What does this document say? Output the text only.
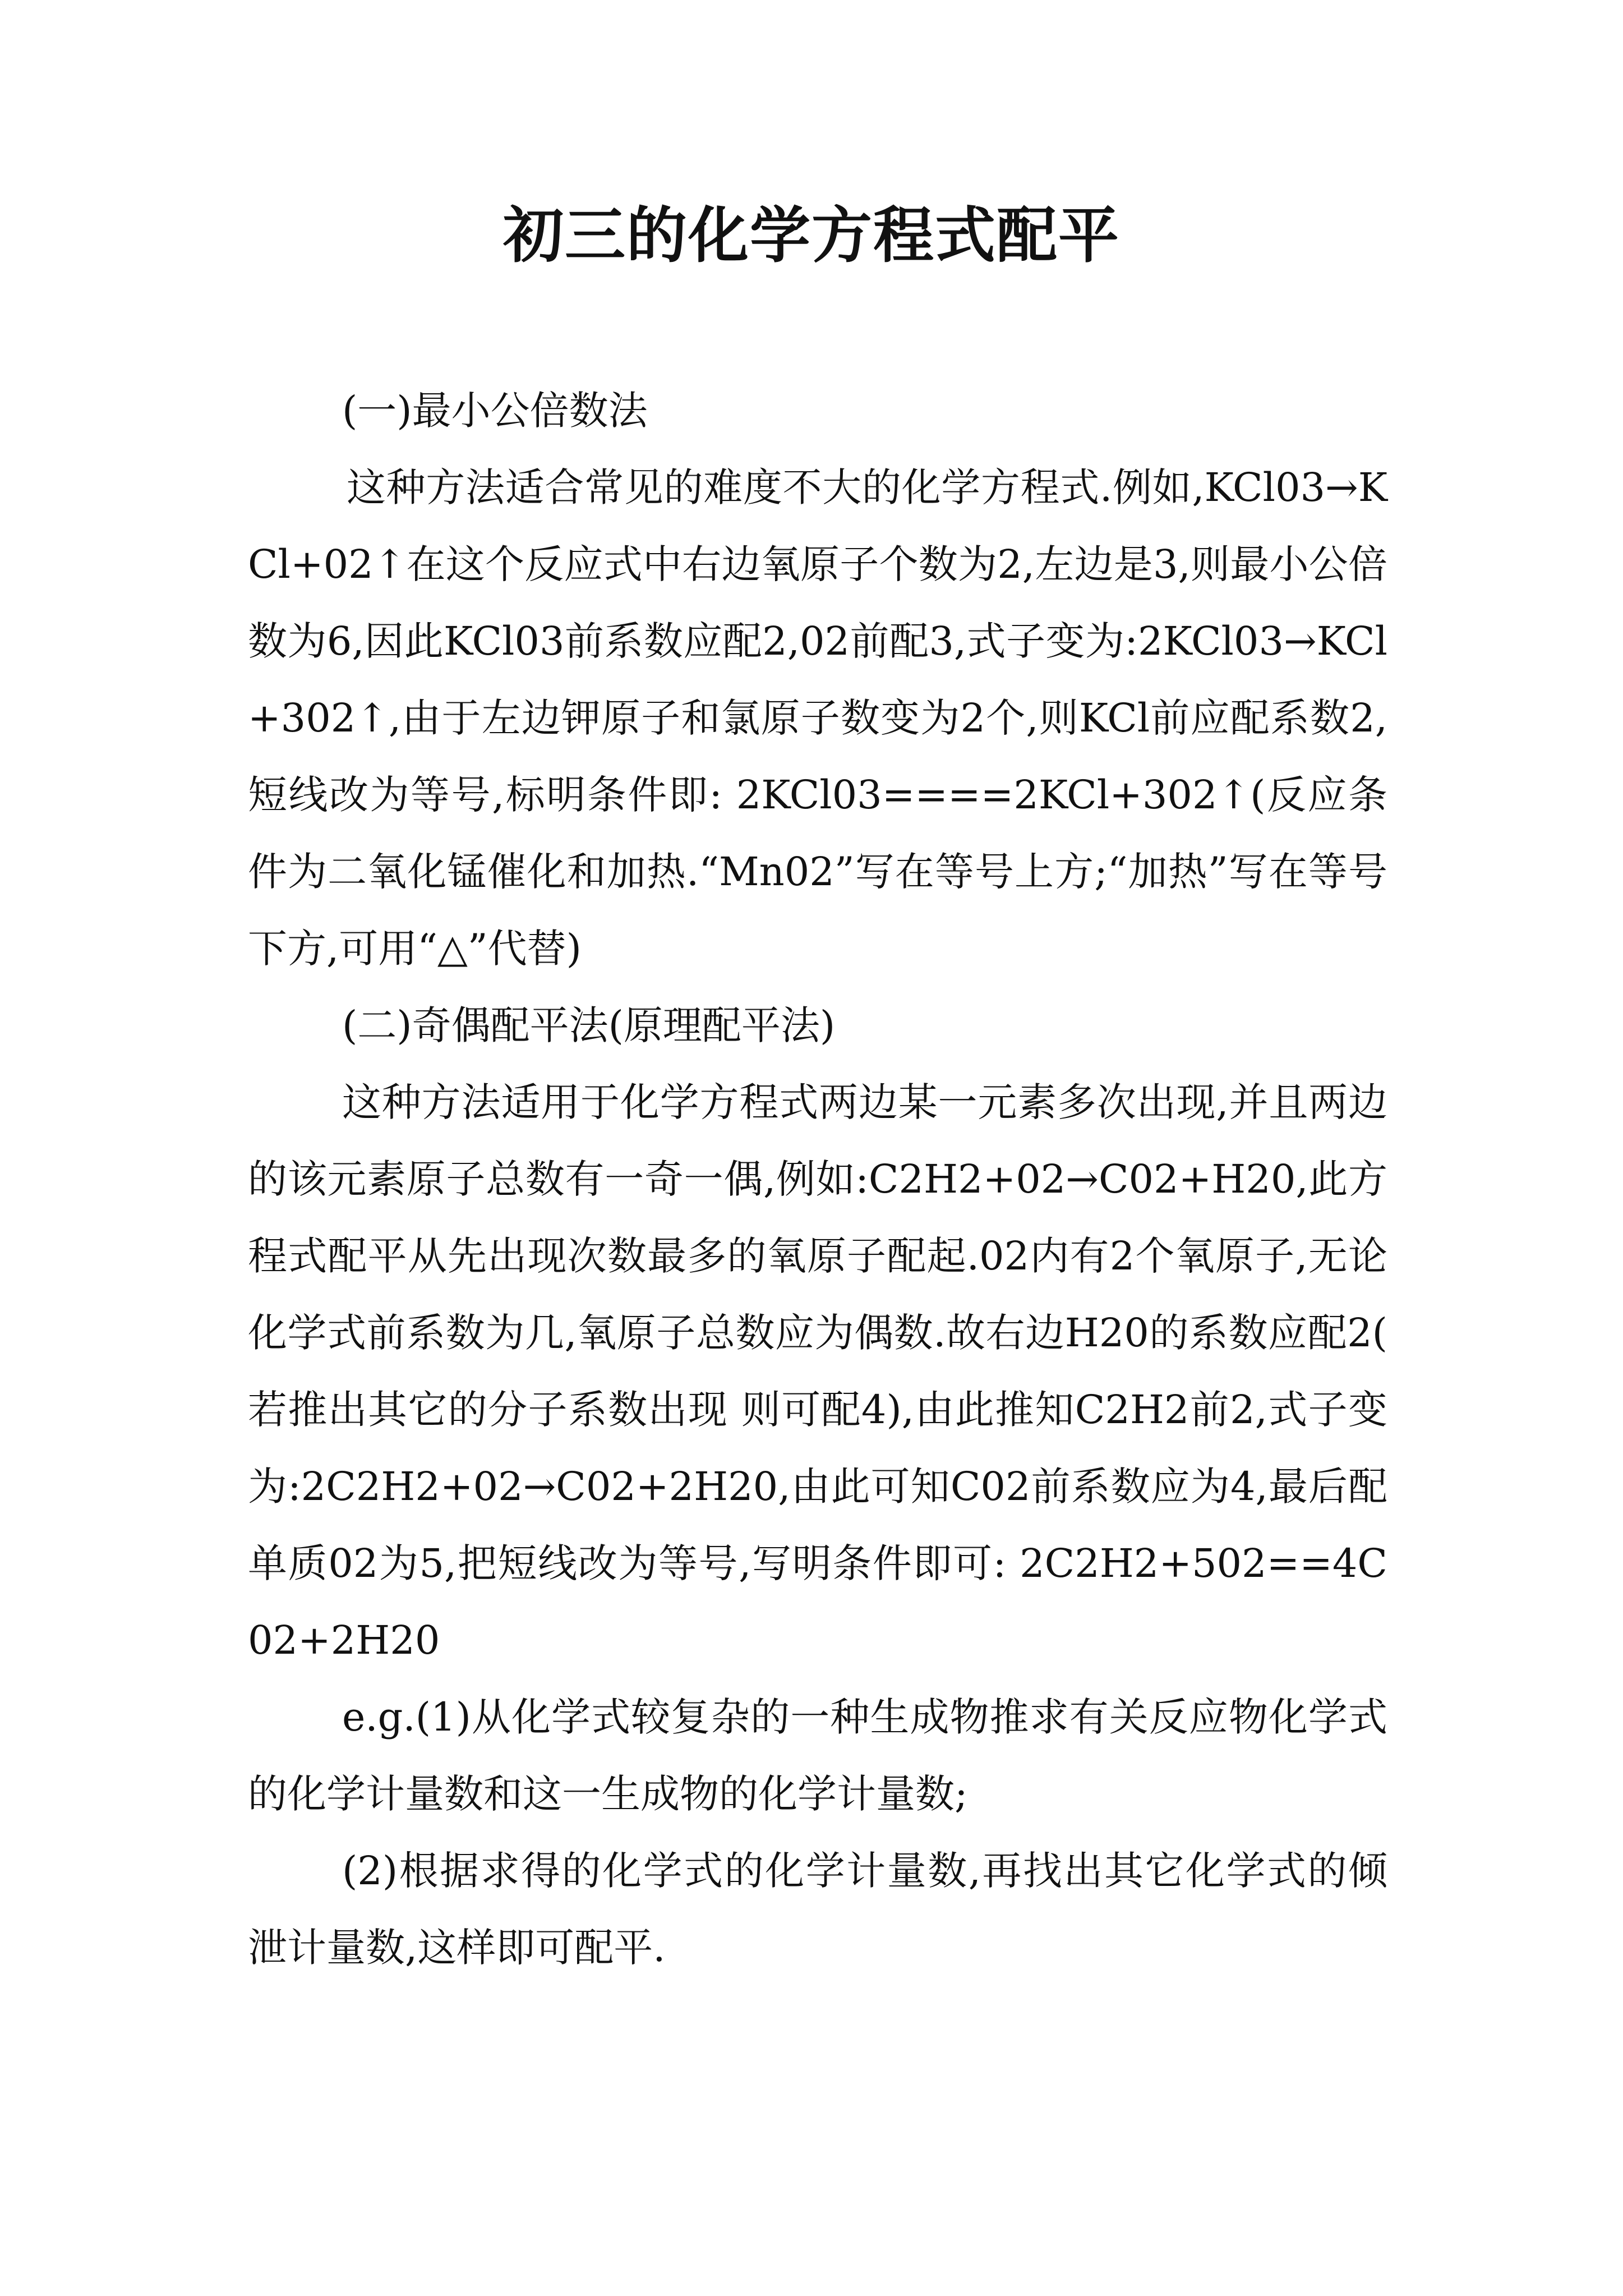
初三的化学方程式配平

(一)最小公倍数法

这种方法适合常见的难度不大的化学方程式.例如,KCl03→KCl+02↑在这个反应式中右边氧原子个数为2,左边是3,则最小公倍数为6,因此KCl03前系数应配2,02前配3,式子变为:2KCl03→KCl+302↑,由于左边钾原子和氯原子数变为2个,则KCl前应配系数2,短线改为等号,标明条件即: 2KCl03====2KCl+302↑(反应条件为二氧化锰催化和加热.“Mn02”写在等号上方;“加热”写在等号下方,可用“△”代替)

(二)奇偶配平法(原理配平法)

这种方法适用于化学方程式两边某一元素多次出现,并且两边的该元素原子总数有一奇一偶,例如:C2H2+02→C02+H20,此方程式配平从先出现次数最多的氧原子配起.02内有2个氧原子,无论化学式前系数为几,氧原子总数应为偶数.故右边H20的系数应配2(若推出其它的分子系数出现 则可配4),由此推知C2H2前2,式子变为:2C2H2+02→C02+2H20,由此可知C02前系数应为4,最后配单质02为5,把短线改为等号,写明条件即可: 2C2H2+502==4C02+2H20

e.g.(1)从化学式较复杂的一种生成物推求有关反应物化学式的化学计量数和这一生成物的化学计量数;

(2)根据求得的化学式的化学计量数,再找出其它化学式的倾泄计量数,这样即可配平.
